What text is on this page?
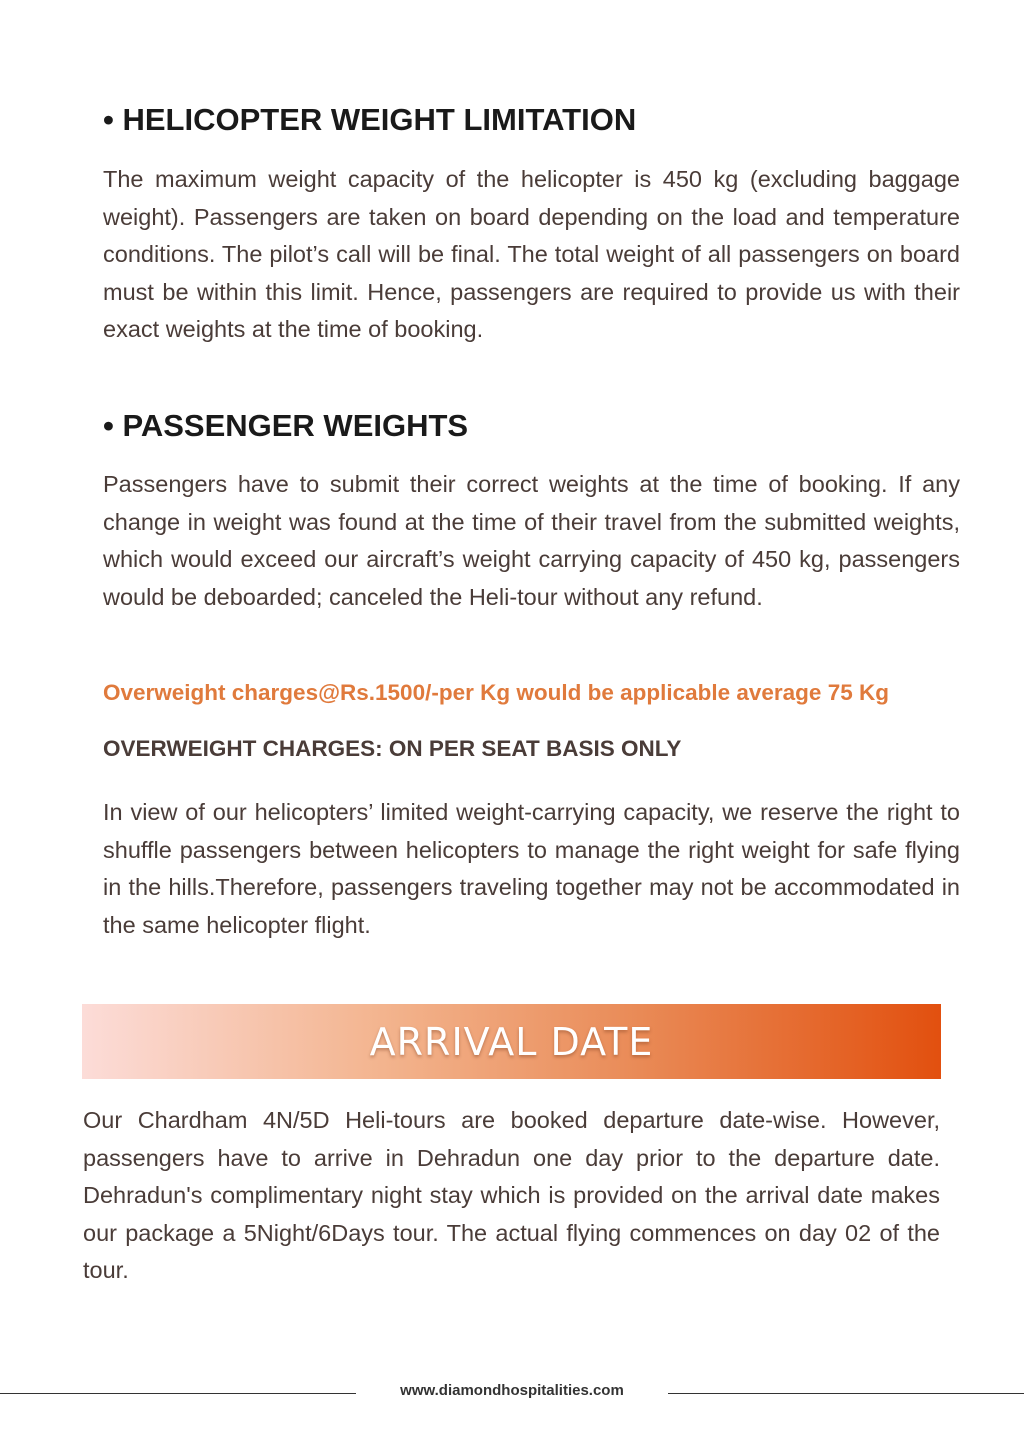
• HELICOPTER WEIGHT LIMITATION

The maximum weight capacity of the helicopter is 450 kg (excluding baggage weight). Passengers are taken on board depending on the load and temperature conditions. The pilot’s call will be final. The total weight of all passengers on board must be within this limit. Hence, passengers are required to provide us with their exact weights at the time of booking.

• PASSENGER WEIGHTS

Passengers have to submit their correct weights at the time of booking. If any change in weight was found at the time of their travel from the submitted weights, which would exceed our aircraft’s weight carrying capacity of 450 kg, passengers would be deboarded; canceled the Heli-tour without any refund.

Overweight charges@Rs.1500/-per Kg would be applicable average 75 Kg

OVERWEIGHT CHARGES: ON PER SEAT BASIS ONLY

In view of our helicopters’ limited weight-carrying capacity, we reserve the right to shuffle passengers between helicopters to manage the right weight for safe flying in the hills.Therefore, passengers traveling together may not be accommodated in the same helicopter flight.

ARRIVAL DATE

Our Chardham 4N/5D Heli-tours are booked departure date-wise. However, passengers have to arrive in Dehradun one day prior to the departure date. Dehradun's complimentary night stay which is provided on the arrival date makes our package a 5Night/6Days tour. The actual flying commences on day 02 of the tour.

www.diamondhospitalities.com
